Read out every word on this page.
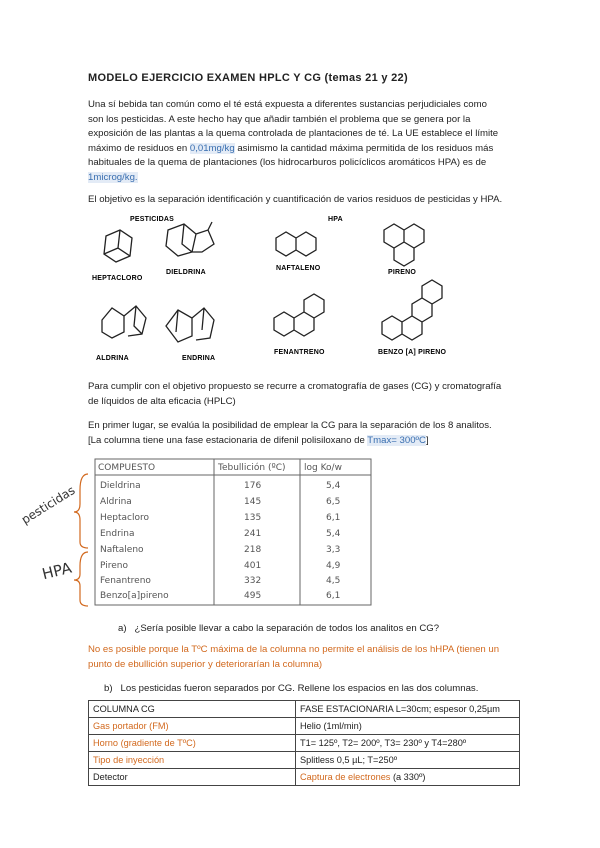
MODELO EJERCICIO EXAMEN HPLC Y CG (temas 21 y 22)
Una sí bebida tan común como el té está expuesta a diferentes sustancias perjudiciales como
son los pesticidas. A este hecho hay que añadir también el problema que se genera por la
exposición de las plantas a la quema controlada de plantaciones de té. La UE establece el límite
máximo de residuos en 0,01mg/kg asimismo la cantidad máxima permitida de los residuos más
habituales de la quema de plantaciones (los hidrocarburos policíclicos aromáticos HPA) es de
1microg/kg.
El objetivo es la separación identificación y cuantificación de varios residuos de pesticidas y HPA.
PESTICIDAS	HPA
HEPTACLORO
DIELDRINA
NAFTALENO
PIRENO
ALDRINA	ENDRINA
FENANTRENO	BENZO [A] PIRENO
Para cumplir con el objetivo propuesto se recurre a cromatografía de gases (CG) y cromatografía
de líquidos de alta eficacia (HPLC)
En primer lugar, se evalúa la posibilidad de emplear la CG para la separación de los 8 analitos.
[La columna tiene una fase estacionaria de difenil polisiloxano de Tmax= 300ºC]
COMPUESTO	Tebullición (ºC) log Ko/w
Dieldrina	176	5,4
Aldrina	145	6,5
Heptacloro	135	6,1
Endrina	241	5,4
Naftaleno	218	3,3
Pireno	401	4,9
Fenantreno	332	4,5
Benzo[a]pireno	495	6,1
pesticidas
HPA
a) ¿Sería posible llevar a cabo la separación de todos los analitos en CG?
No es posible porque la TºC máxima de la columna no permite el análisis de los hHPA (tienen un
punto de ebullición superior y deteriorarían la columna)
b) Los pesticidas fueron separados por CG. Rellene los espacios en las dos columnas.
COLUMNA CG	FASE ESTACIONARIA L=30cm; espesor 0,25µm
Gas portador (FM)	Helio (1ml/min)
Horno (gradiente de TºC)	T1= 125º, T2= 200º, T3= 230º y T4=280º
Tipo de inyección	Splitless 0,5 µL; T=250º
Detector	Captura de electrones (a 330º)
